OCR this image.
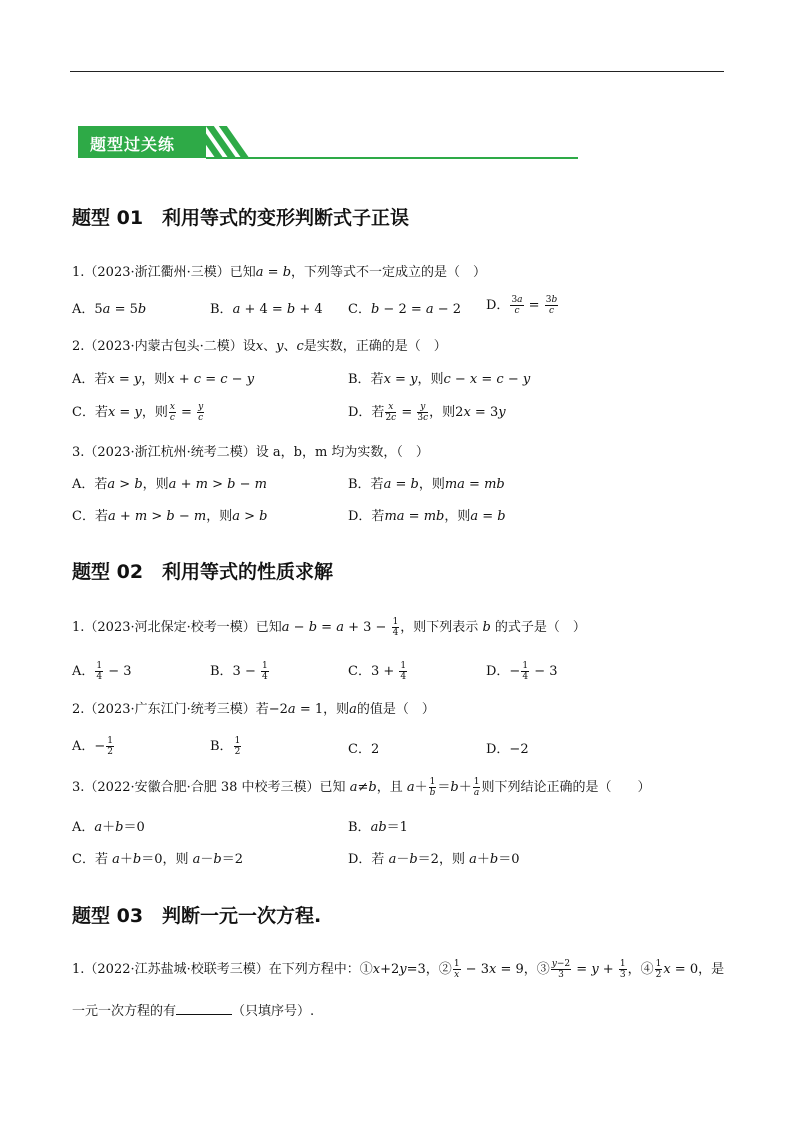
题型过关练
题型 01　利用等式的变形判断式子正误
1.（2023·浙江衢州·三模）已知a = b，下列等式不一定成立的是（　）
A．5a = 5b	B．a + 4 = b + 4 C．b − 2 = a − 2 D． $\frac{3a}{c} = \frac{3b}{c}$
2.（2023·内蒙古包头·二模）设x、y、c是实数，正确的是（　）
A．若x = y，则x + c = c − y	B．若x = y，则c − x = c − y
C．若x = y，则 $\frac{x}{c} = \frac{y}{c}$	D．若 $\frac{x}{2c} = \frac{y}{3c}$ ，则2x = 3y
3.（2023·浙江杭州·统考二模）设 a，b，m 均为实数，（　）
A．若a > b，则a + m > b − m	B．若a = b，则ma = mb
C．若a + m > b − m，则a > b	D．若ma = mb，则a = b
题型 02　利用等式的性质求解
1.（2023·河北保定·校考一模）已知$a - b = a + 3 - \frac{1}{4}$ ，则下列表示 b 的式子是（　）
A． $\frac{1}{4} - 3$	B．$3 - \frac{1}{4}$	C．$3 + \frac{1}{4}$	D．− $\frac{1}{4} - 3$
2.（2023·广东江门·统考三模）若−2a = 1，则a的值是（　）
A．− $\frac{1}{2}$	B． $\frac{1}{2}$	C．2	D．−2
3.（2022·安徽合肥·合肥 38 中校考三模）已知 a≠b，且 $a+ \frac{1}{b} =b+ \frac{1}{a}$ 则下列结论正确的是（　　）
A．a＋b＝0	B．ab＝1
C．若 a＋b＝0，则 a－b＝2	D．若 a－b＝2，则 a＋b＝0
题型 03　判断一元一次方程.
1.（2022·江苏盐城·校联考三模）在下列方程中：①x+2y=3，② $\frac{1}{x} - 3x = 9$，③ $\frac{y-2}{3} = y + \frac{1}{3}$ ，④ $\frac{1}{2}$ x = 0，是
一元一次方程的有	（只填序号）.
